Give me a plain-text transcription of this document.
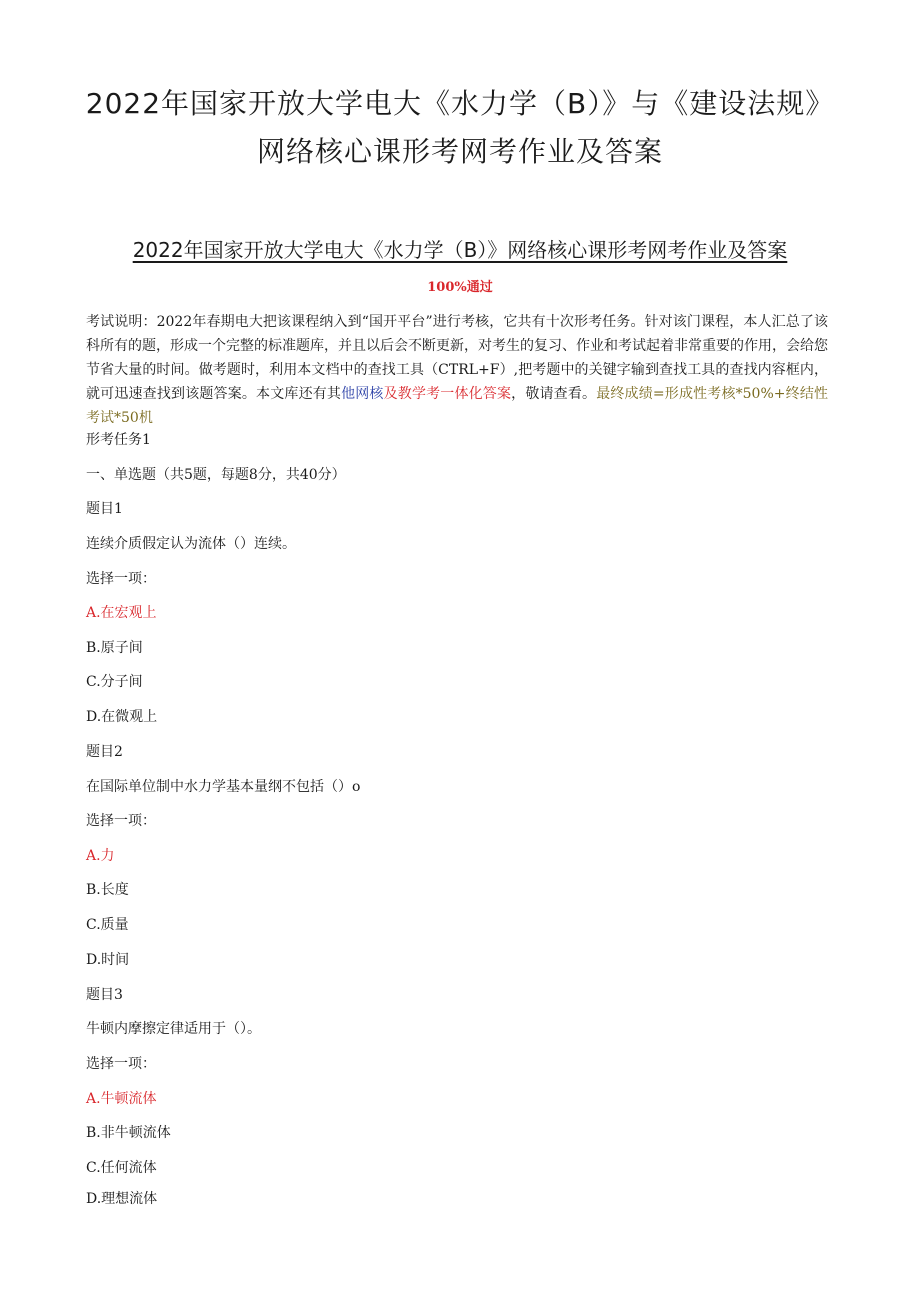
2022年国家开放大学电大《水力学（B）》与《建设法规》
网络核心课形考网考作业及答案
2022年国家开放大学电大《水力学（B）》网络核心课形考网考作业及答案
100%通过

考试说明：2022年春期电大把该课程纳入到“国开平台”进行考核，它共有十次形考任务。针对该门课程，本人汇总了该科所有的题，形成一个完整的标准题库，并且以后会不断更新，对考生的复习、作业和考试起着非常重要的作用，会给您节省大量的时间。做考题时，利用本文档中的查找工具（CTRL+F）,把考题中的关键字输到查找工具的查找内容框内，就可迅速查找到该题答案。本文库还有其他网核及教学考一体化答案，敬请查看。最终成绩=形成性考核*50%+终结性考试*50机

形考任务1
一、单选题（共5题，每题8分，共40分）
题目1
连续介质假定认为流体（）连续。
选择一项：
A.在宏观上
B.原子间
C.分子间
D.在微观上
题目2
在国际单位制中水力学基本量纲不包括（）o
选择一项：
A.力
B.长度
C.质量
D.时间
题目3
牛顿内摩擦定律适用于（）。
选择一项：
A.牛顿流体
B.非牛顿流体
C.任何流体
D.理想流体
